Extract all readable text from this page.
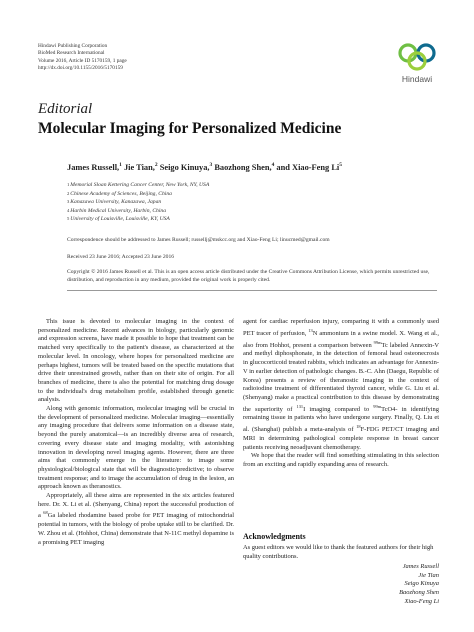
Hindawi Publishing Corporation
BioMed Research International
Volume 2016, Article ID 5170159, 1 page
http://dx.doi.org/10.1155/2016/5170159
Hindawi
Editorial
Molecular Imaging for Personalized Medicine
James Russell,$^1$ Jie Tian,$^2$ Seigo Kinuya,$^3$ Baozhong Shen,$^4$ and Xiao-Feng Li$^5$
$^1$Memorial Sloan Kettering Cancer Center, New York, NY, USA
$^2$Chinese Academy of Sciences, Beijing, China
$^3$Kanazawa University, Kanazawa, Japan
$^4$Harbin Medical University, Harbin, China
$^5$University of Louisville, Louisville, KY, USA
Correspondence should be addressed to James Russell; russellj@mskcc.org and Xiao-Feng Li; linucmed@gmail.com
Received 23 June 2016; Accepted 23 June 2016
Copyright © 2016 James Russell et al. This is an open access article distributed under the Creative Commons Attribution License, which permits unrestricted use, distribution, and reproduction in any medium, provided the original work is properly cited.

This issue is devoted to molecular imaging in the context of personalized medicine. Recent advances in biology, particularly genomic and expression screens, have made it possible to hope that treatment can be matched very specifically to the patient's disease, as characterized at the molecular level. In oncology, where hopes for personalized medicine are perhaps highest, tumors will be treated based on the specific mutations that drive their unrestrained growth, rather than on their site of origin. For all branches of medicine, there is also the potential for matching drug dosage to the individual's drug metabolism profile, established through genetic analysis.

Along with genomic information, molecular imaging will be crucial in the development of personalized medicine. Molecular imaging—essentially any imaging procedure that delivers some information on a disease state, beyond the purely anatomical—is an incredibly diverse area of research, covering every disease state and imaging modality, with astonishing innovation in developing novel imaging agents. However, there are three aims that commonly emerge in the literature: to image some physiological/biological state that will be diagnostic/predictive; to observe treatment response; and to image the accumulation of drug in the lesion, an approach known as theranostics.

Appropriately, all these aims are represented in the six articles featured here. Dr. X. Li et al. (Shenyang, China) report the successful production of a $^{68}$Ga labeled rhodamine based probe for PET imaging of mitochondrial potential in tumors, with the biology of probe uptake still to be clarified. Dr. W. Zhou et al. (Hohhot, China) demonstrate that N-11C methyl dopamine is a promising PET imaging

agent for cardiac reperfusion injury, comparing it with a commonly used PET tracer of perfusion, $^{13}$N ammonium in a swine model. X. Wang et al., also from Hohhot, present a comparison between $^{99m}$Tc labeled Annexin-V and methyl diphosphonate, in the detection of femoral head osteonecrosis in glucocorticoid treated rabbits, which indicates an advantage for Annexin-V in earlier detection of pathologic changes. B.-C. Ahn (Daegu, Republic of Korea) presents a review of theranostic imaging in the context of radioiodine treatment of differentiated thyroid cancer, while G. Liu et al. (Shenyang) make a practical contribution to this disease by demonstrating the superiority of $^{131}$I imaging compared to $^{99m}$TcO4- in identifying remaining tissue in patients who have undergone surgery. Finally, Q. Liu et al. (Shanghai) publish a meta-analysis of $^{18}$F-FDG PET/CT imaging and MRI in determining pathological complete response in breast cancer patients receiving neoadjuvant chemotherapy.

We hope that the reader will find something stimulating in this selection from an exciting and rapidly expanding area of research.

Acknowledgments
As guest editors we would like to thank the featured authors for their high quality contributions.
James Russell
Jie Tian
Seigo Kinuya
Baozhong Shen
Xiao-Feng Li
